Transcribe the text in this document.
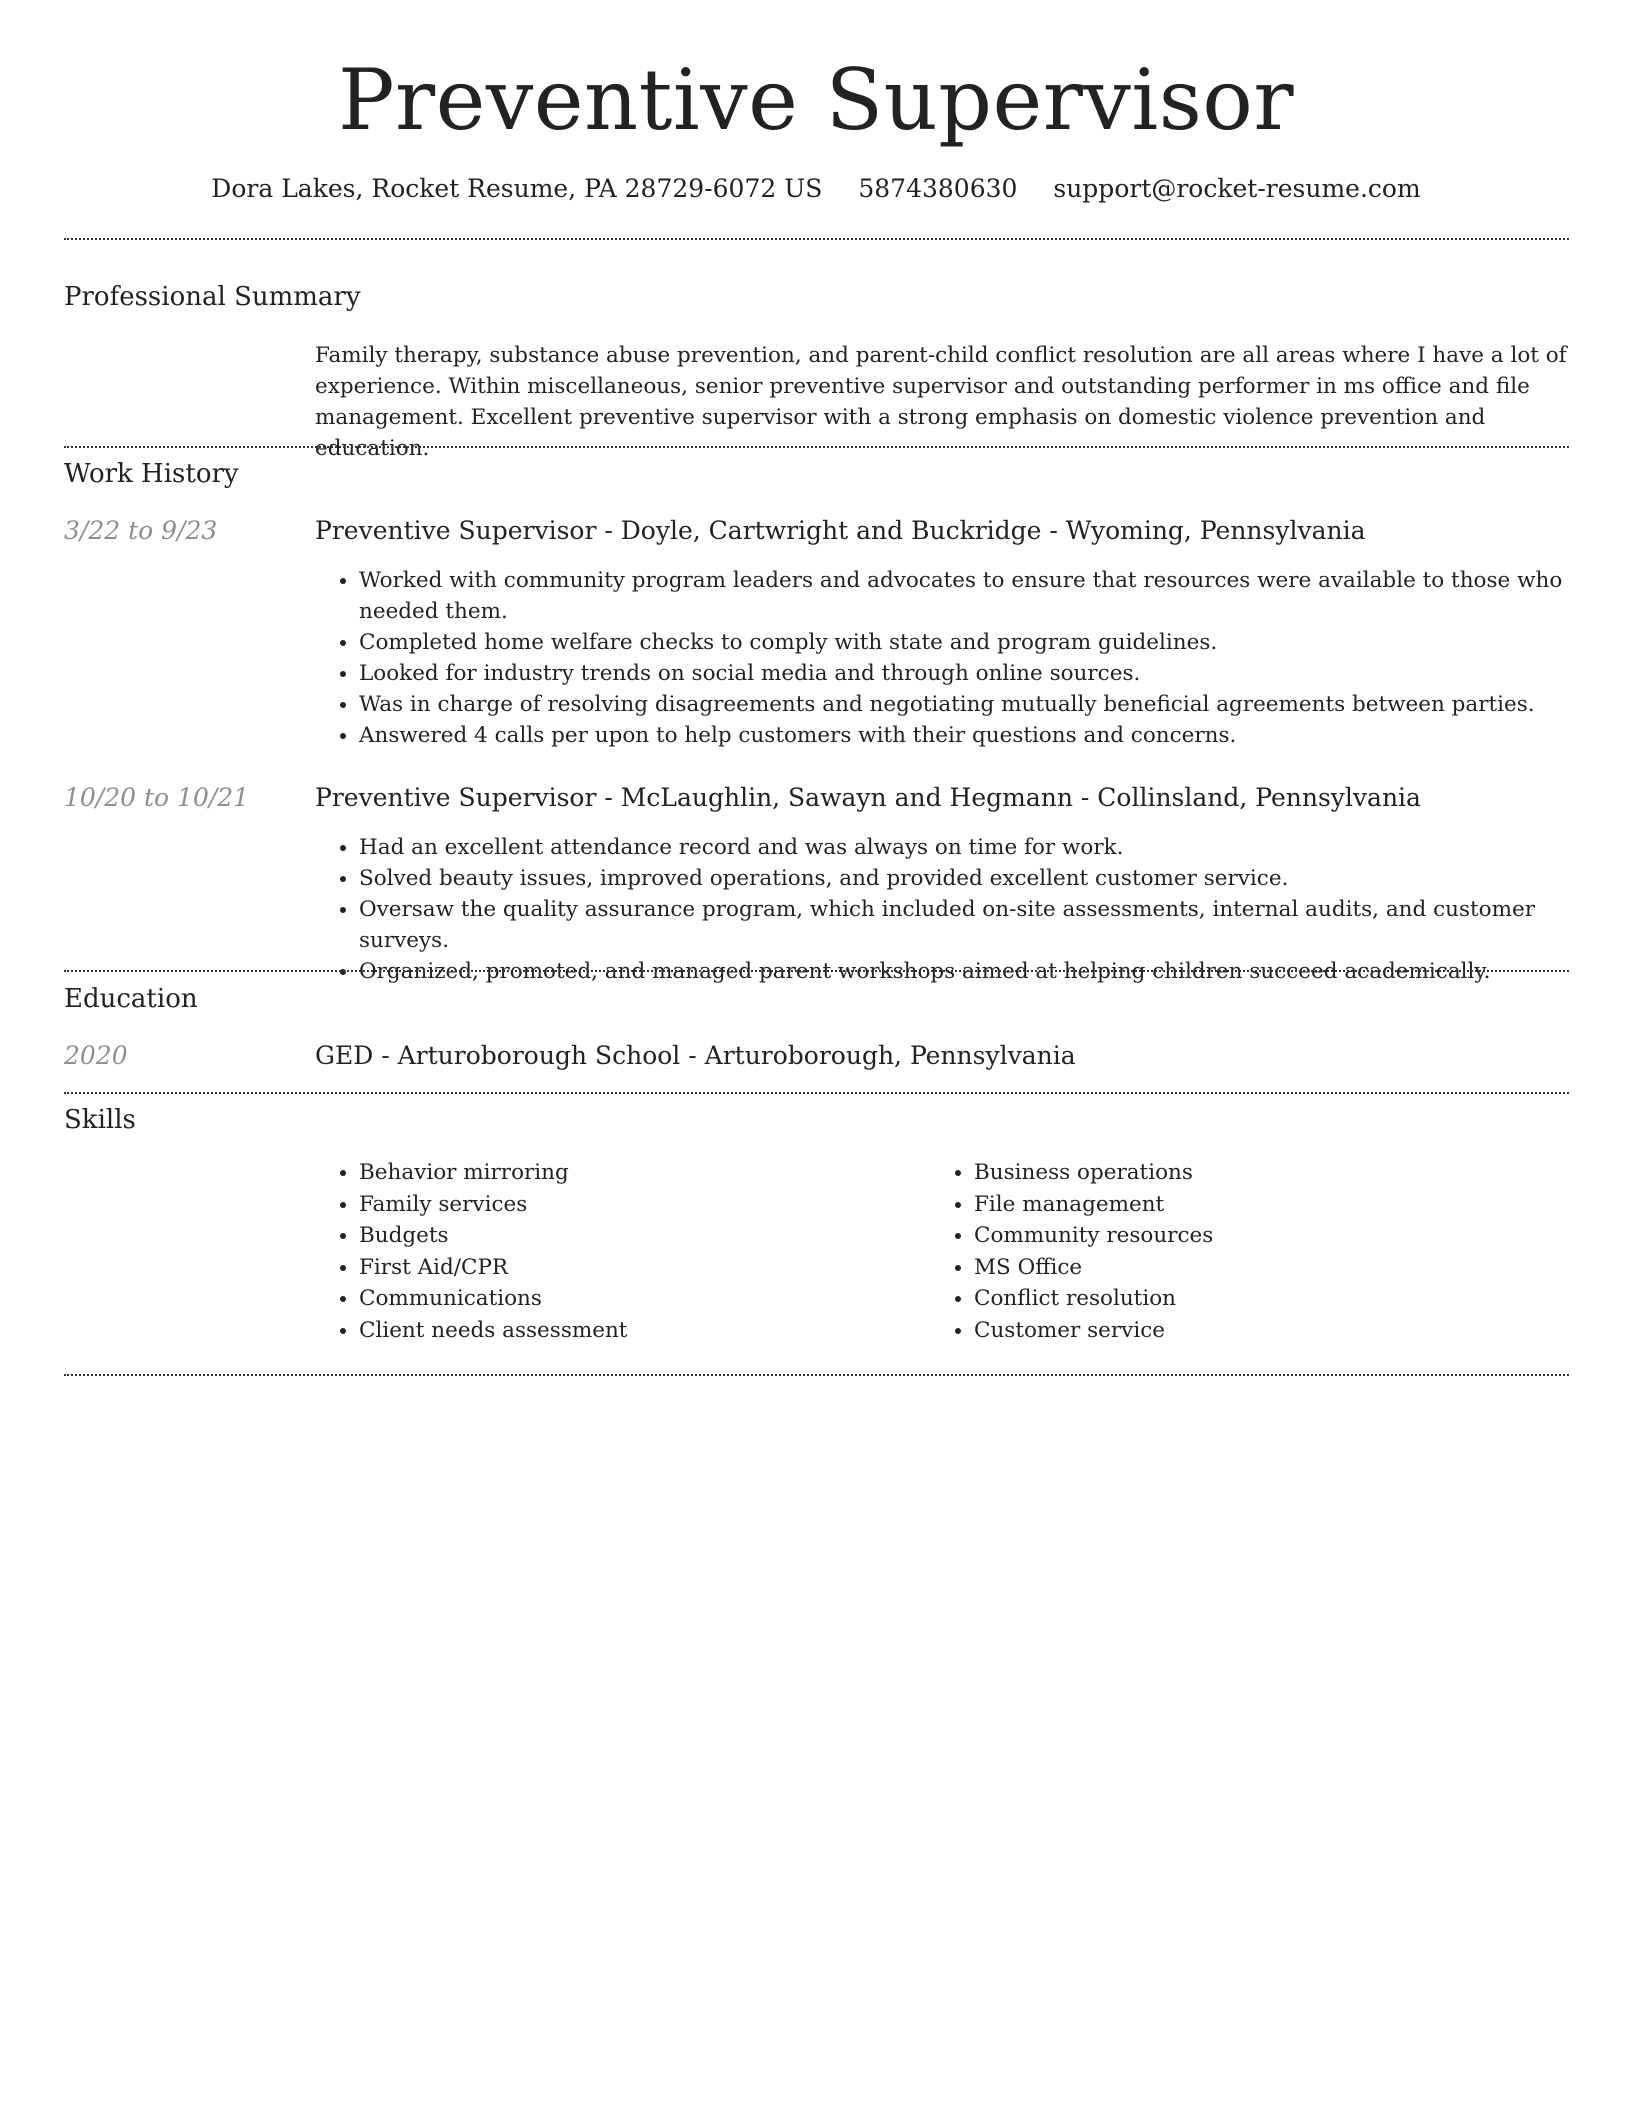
Preventive Supervisor
Dora Lakes, Rocket Resume, PA 28729-6072 US 5874380630 support@rocket-resume.com
Professional Summary
Family therapy, substance abuse prevention, and parent-child conflict resolution are all areas where I have a lot of experience. Within miscellaneous, senior preventive supervisor and outstanding performer in ms office and file management. Excellent preventive supervisor with a strong emphasis on domestic violence prevention and education.
Work History
3/22 to 9/23	Preventive Supervisor - Doyle, Cartwright and Buckridge - Wyoming, Pennsylvania
• Worked with community program leaders and advocates to ensure that resources were available to those who needed them.
• Completed home welfare checks to comply with state and program guidelines.
• Looked for industry trends on social media and through online sources.
• Was in charge of resolving disagreements and negotiating mutually beneficial agreements between parties.
• Answered 4 calls per upon to help customers with their questions and concerns.
10/20 to 10/21	Preventive Supervisor - McLaughlin, Sawayn and Hegmann - Collinsland, Pennsylvania
• Had an excellent attendance record and was always on time for work.
• Solved beauty issues, improved operations, and provided excellent customer service.
• Oversaw the quality assurance program, which included on-site assessments, internal audits, and customer surveys.
• Organized, promoted, and managed parent workshops aimed at helping children succeed academically.
Education
2020	GED - Arturoborough School - Arturoborough, Pennsylvania
Skills
• Behavior mirroring
• Family services
• Budgets
• First Aid/CPR
• Communications
• Client needs assessment
• Business operations
• File management
• Community resources
• MS Office
• Conflict resolution
• Customer service
